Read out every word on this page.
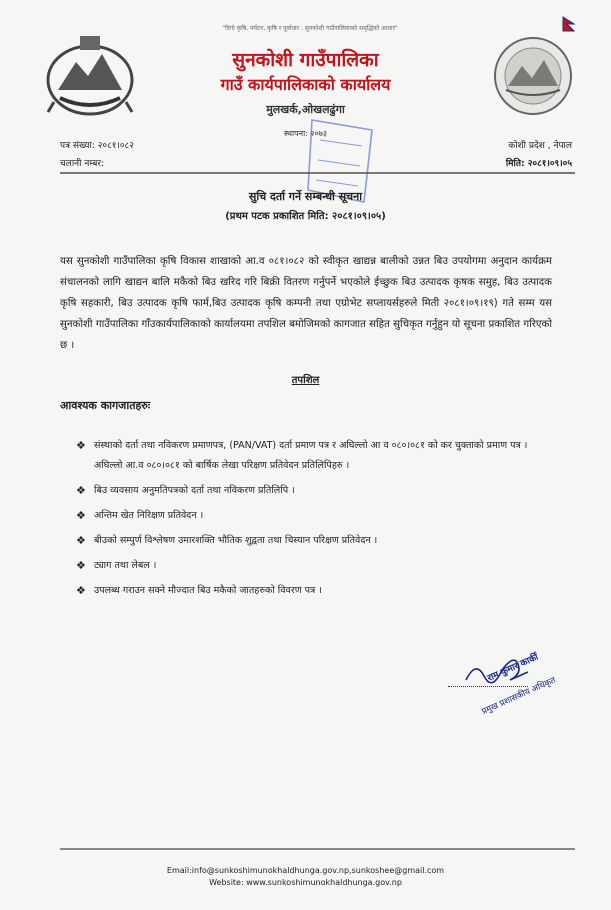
"दिगो कृषि, पर्यटन, कृषि र पूर्वाधार : सुनकोशी गाउँपालिकाको समृद्धिको आधार"
सुनकोशी गाउँपालिका
गाउँ कार्यपालिकाको कार्यालय
मुलखर्क,ओखलढुंगा
स्थापना: २०७३
पत्र संख्या: २०८१।०८२
चलानी नम्बर:
कोशी प्रदेश , नेपाल
मिति: २०८१।०९।०५
सुचि दर्ता गर्ने सम्बन्धी सूचना
(प्रथम पटक प्रकाशित मिति: २०८१।०९।०५)
यस सुनकोशी गाउँपालिका कृषि विकास शाखाको आ.व ०८१।०८२ को स्वीकृत खाद्यन्न बालीको उन्नत बिउ उपयोगमा अनुदान कार्यक्रम संचालनको लागि खाद्यन बालि मकैको बिउ खरिद गरि बिक्री वितरण गर्नुपर्ने भएकोले ईच्छुक बिउ उत्पादक कृषक समुह, बिउ उत्पादक कृषि सहकारी, बिउ उत्पादक कृषि फार्म,बिउ उत्पादक कृषि कम्पनी तथा एग्रोभेट सप्लायर्सहरुले मिती २०८१।०९।१९) गते सम्म यस सुनकोशी गाउँपालिका गाँउकार्यपालिकाको कार्यालयमा तपशिल बमोजिमको कागजात सहित सुचिकृत गर्नुहुन यो सूचना प्रकाशित गरिएको छ ।
तपशिल
आवश्यक कागजातहरुः
❖ संस्थाको दर्ता तथा नविकरण प्रमाणपत्र, (PAN/VAT) दर्ता प्रमाण पत्र र अघिल्लो आ व ०८०।०८१ को कर चुक्ताको प्रमाण पत्र । अघिल्लो आ.व ०८०।०८१ को बार्षिक लेखा परिक्षण प्रतिवेदन प्रतिलिपिहरु ।
❖ बिउ व्यवसाय अनुमतिपत्रको दर्ता तथा नविकरण प्रतिलिपि ।
❖ अन्तिम खेत निरिक्षण प्रतिवेदन ।
❖ बीउको सम्पुर्ण विश्लेषण उमारशक्ति भौतिक शुद्वता तथा चिस्यान परिक्षण प्रतिवेदन ।
❖ ट्याग तथा लेबल ।
❖ उपलब्ध गराउन सक्ने मौज्दात बिउ मकैको जातहरुको विवरण पत्र ।
राम कुमार कार्की
प्रमुख प्रशासकीय अधिकृत
Email:info@sunkoshimunokhaldhunga.gov.np,sunkoshee@gmail.com
Website: www.sunkoshimunokhaldhunga.gov.np
